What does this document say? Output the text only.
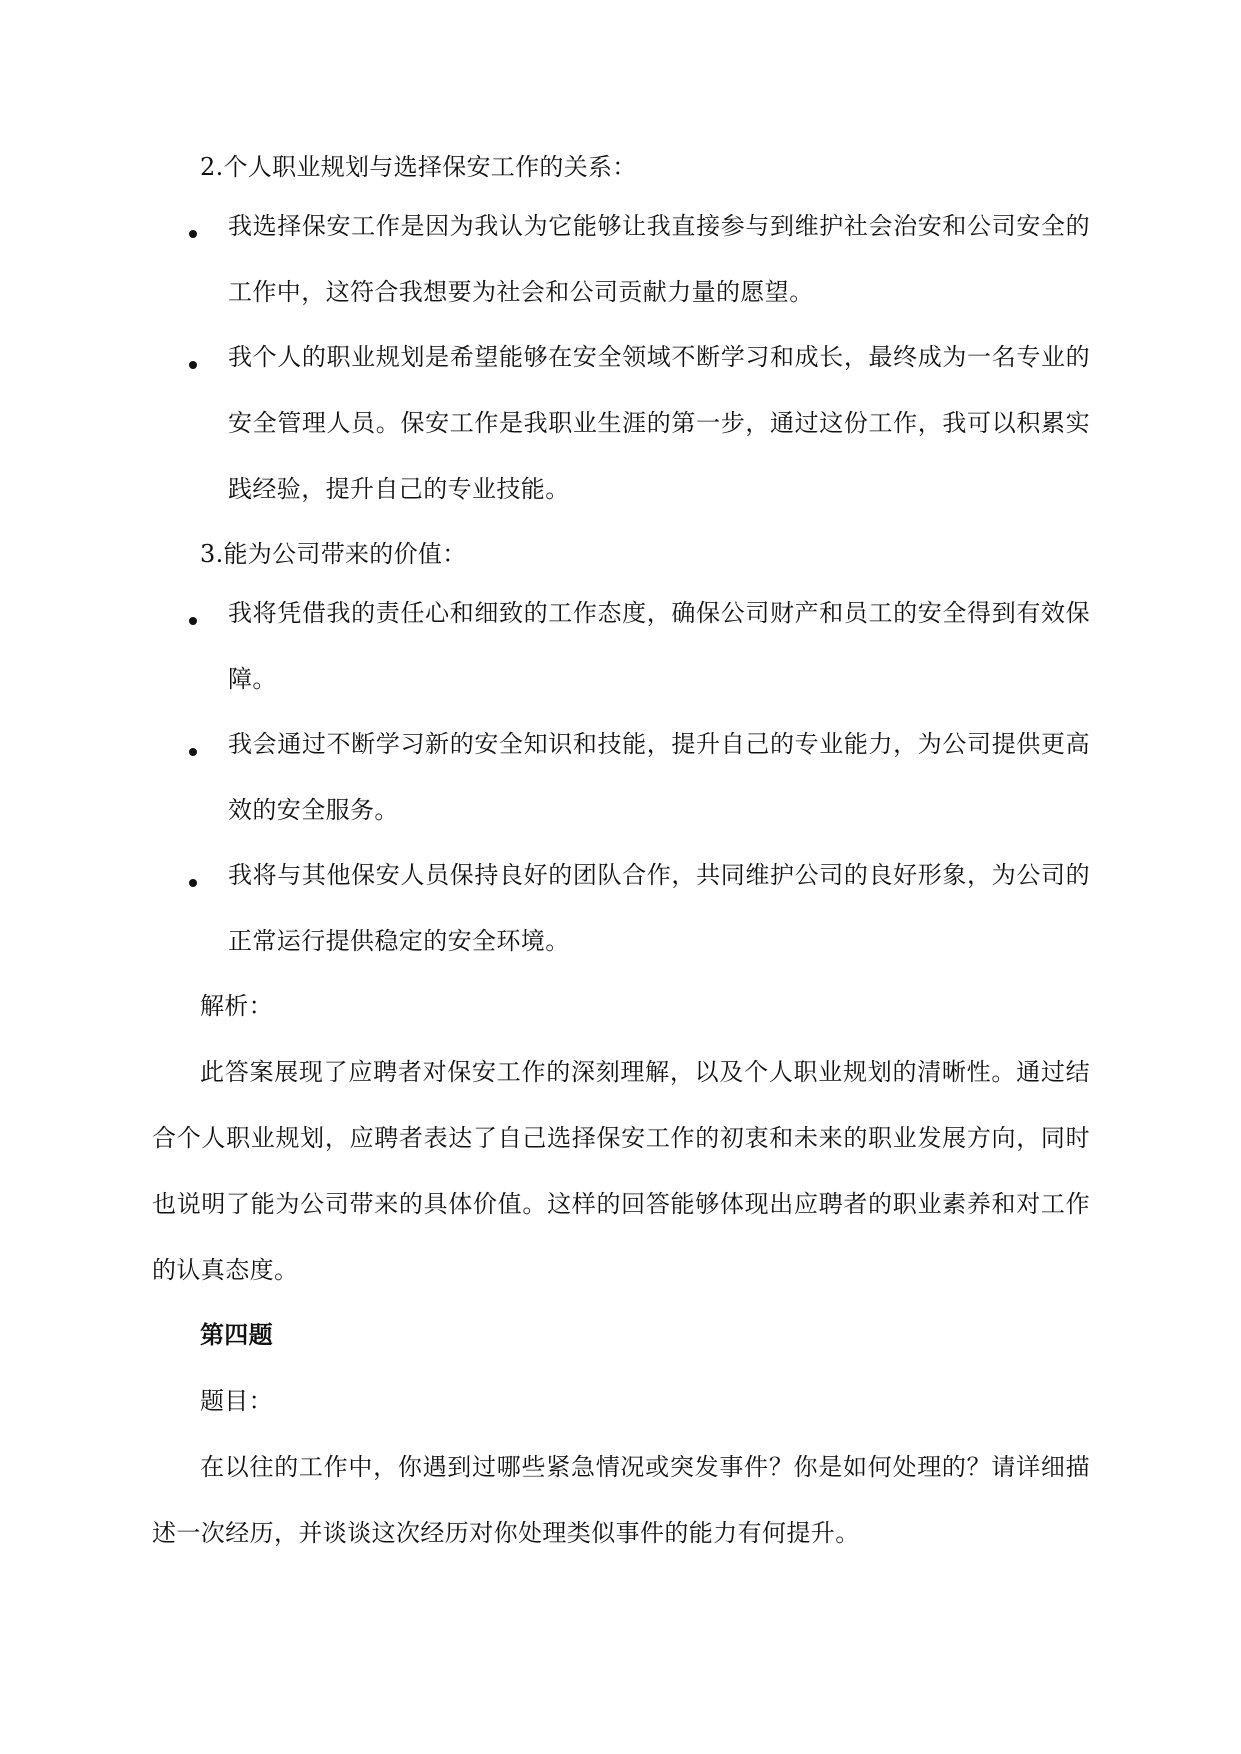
2.个人职业规划与选择保安工作的关系：
我选择保安工作是因为我认为它能够让我直接参与到维护社会治安和公司安全的工作中，这符合我想要为社会和公司贡献力量的愿望。
我个人的职业规划是希望能够在安全领域不断学习和成长，最终成为一名专业的安全管理人员。保安工作是我职业生涯的第一步，通过这份工作，我可以积累实践经验，提升自己的专业技能。
3.能为公司带来的价值：
我将凭借我的责任心和细致的工作态度，确保公司财产和员工的安全得到有效保障。
我会通过不断学习新的安全知识和技能，提升自己的专业能力，为公司提供更高效的安全服务。
我将与其他保安人员保持良好的团队合作，共同维护公司的良好形象，为公司的正常运行提供稳定的安全环境。
解析：
此答案展现了应聘者对保安工作的深刻理解，以及个人职业规划的清晰性。通过结合个人职业规划，应聘者表达了自己选择保安工作的初衷和未来的职业发展方向，同时也说明了能为公司带来的具体价值。这样的回答能够体现出应聘者的职业素养和对工作的认真态度。
第四题
题目：
在以往的工作中，你遇到过哪些紧急情况或突发事件？你是如何处理的？请详细描述一次经历，并谈谈这次经历对你处理类似事件的能力有何提升。
